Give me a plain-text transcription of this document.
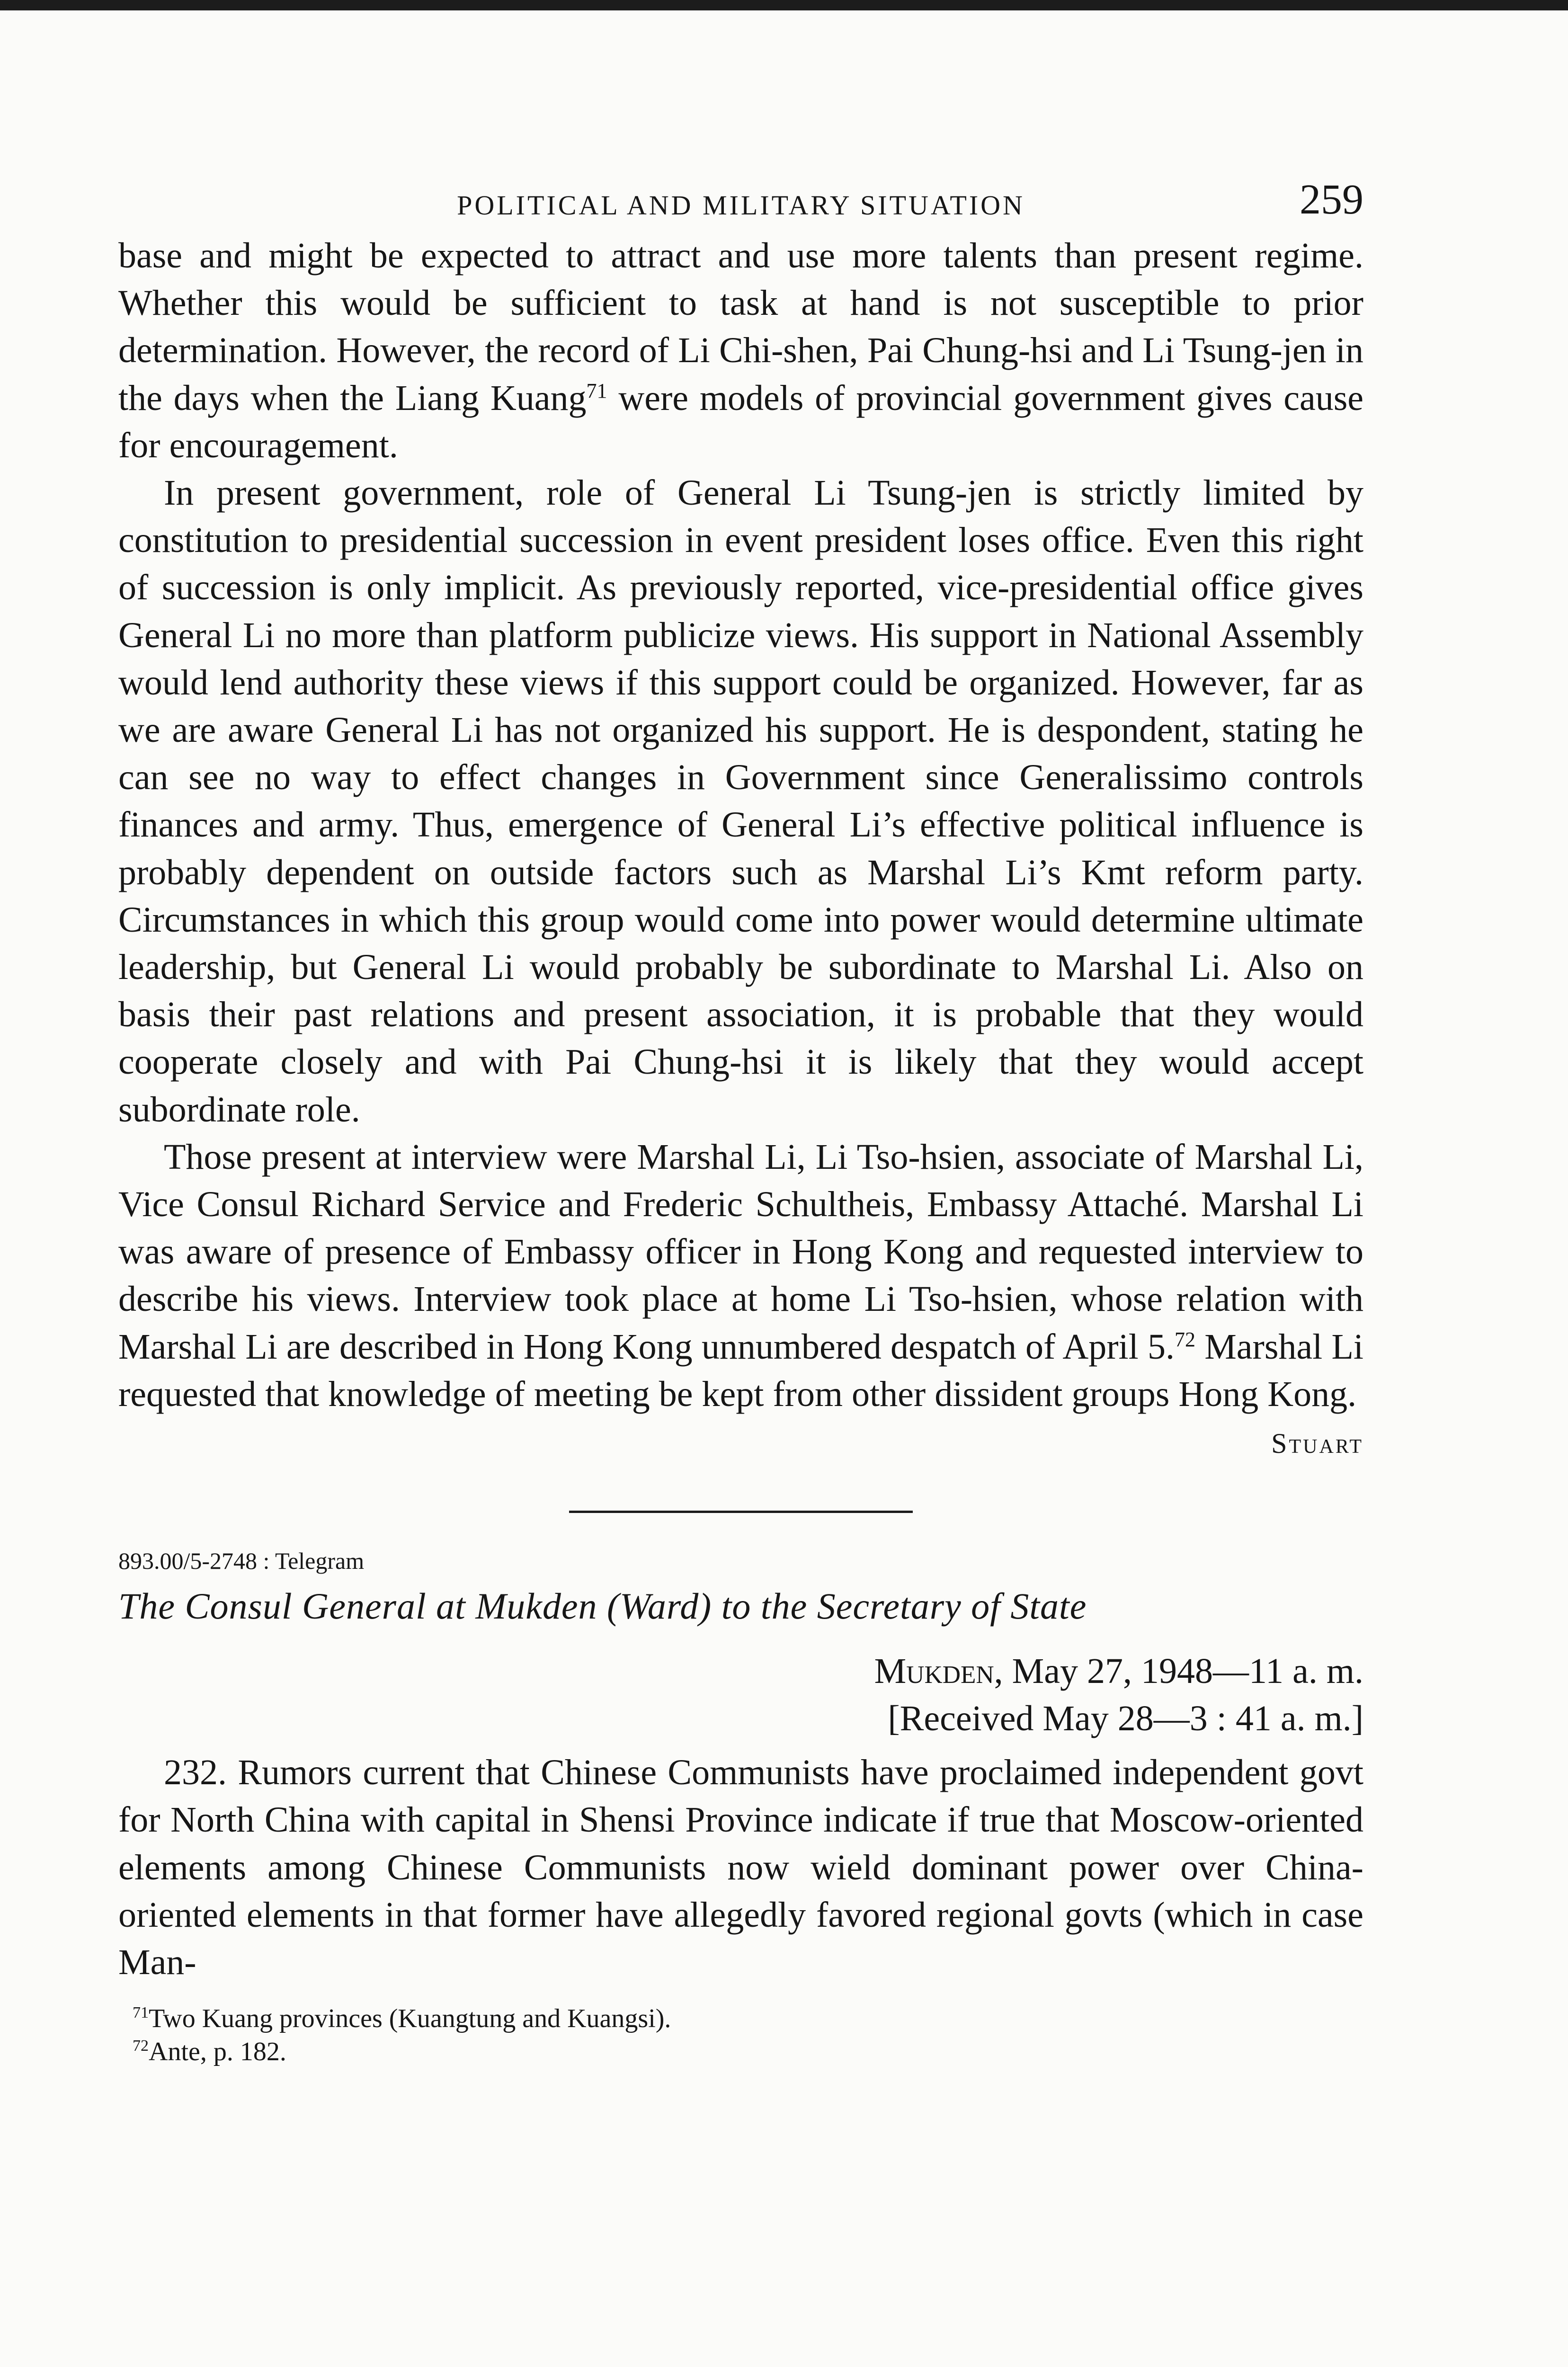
POLITICAL AND MILITARY SITUATION	259

base and might be expected to attract and use more talents than present regime. Whether this would be sufficient to task at hand is not susceptible to prior determination. However, the record of Li Chi-shen, Pai Chung-hsi and Li Tsung-jen in the days when the Liang Kuang$^{71}$ were models of provincial government gives cause for encouragement.

In present government, role of General Li Tsung-jen is strictly limited by constitution to presidential succession in event president loses office. Even this right of succession is only implicit. As previously reported, vice-presidential office gives General Li no more than platform publicize views. His support in National Assembly would lend authority these views if this support could be organized. However, far as we are aware General Li has not organized his support. He is despondent, stating he can see no way to effect changes in Government since Generalissimo controls finances and army. Thus, emergence of General Li’s effective political influence is probably dependent on outside factors such as Marshal Li’s Kmt reform party. Circumstances in which this group would come into power would determine ultimate leadership, but General Li would probably be subordinate to Marshal Li. Also on basis their past relations and present association, it is probable that they would cooperate closely and with Pai Chung-hsi it is likely that they would accept subordinate role.

Those present at interview were Marshal Li, Li Tso-hsien, associate of Marshal Li, Vice Consul Richard Service and Frederic Schultheis, Embassy Attaché. Marshal Li was aware of presence of Embassy officer in Hong Kong and requested interview to describe his views. Interview took place at home Li Tso-hsien, whose relation with Marshal Li are described in Hong Kong unnumbered despatch of April 5.72 Marshal Li requested that knowledge of meeting be kept from other dissident groups Hong Kong.

Stuart
893.00/5-2748 : Telegram
The Consul General at Mukden (Ward) to the Secretary of State
Mukden, May 27, 1948—11 a. m.
[Received May 28—3 : 41 a. m.]

232. Rumors current that Chinese Communists have proclaimed independent govt for North China with capital in Shensi Province indicate if true that Moscow-oriented elements among Chinese Communists now wield dominant power over China-oriented elements in that former have allegedly favored regional govts (which in case Man-

$^{71}$Two Kuang provinces (Kuangtung and Kuangsi).
$^{72}$Ante, p. 182.
